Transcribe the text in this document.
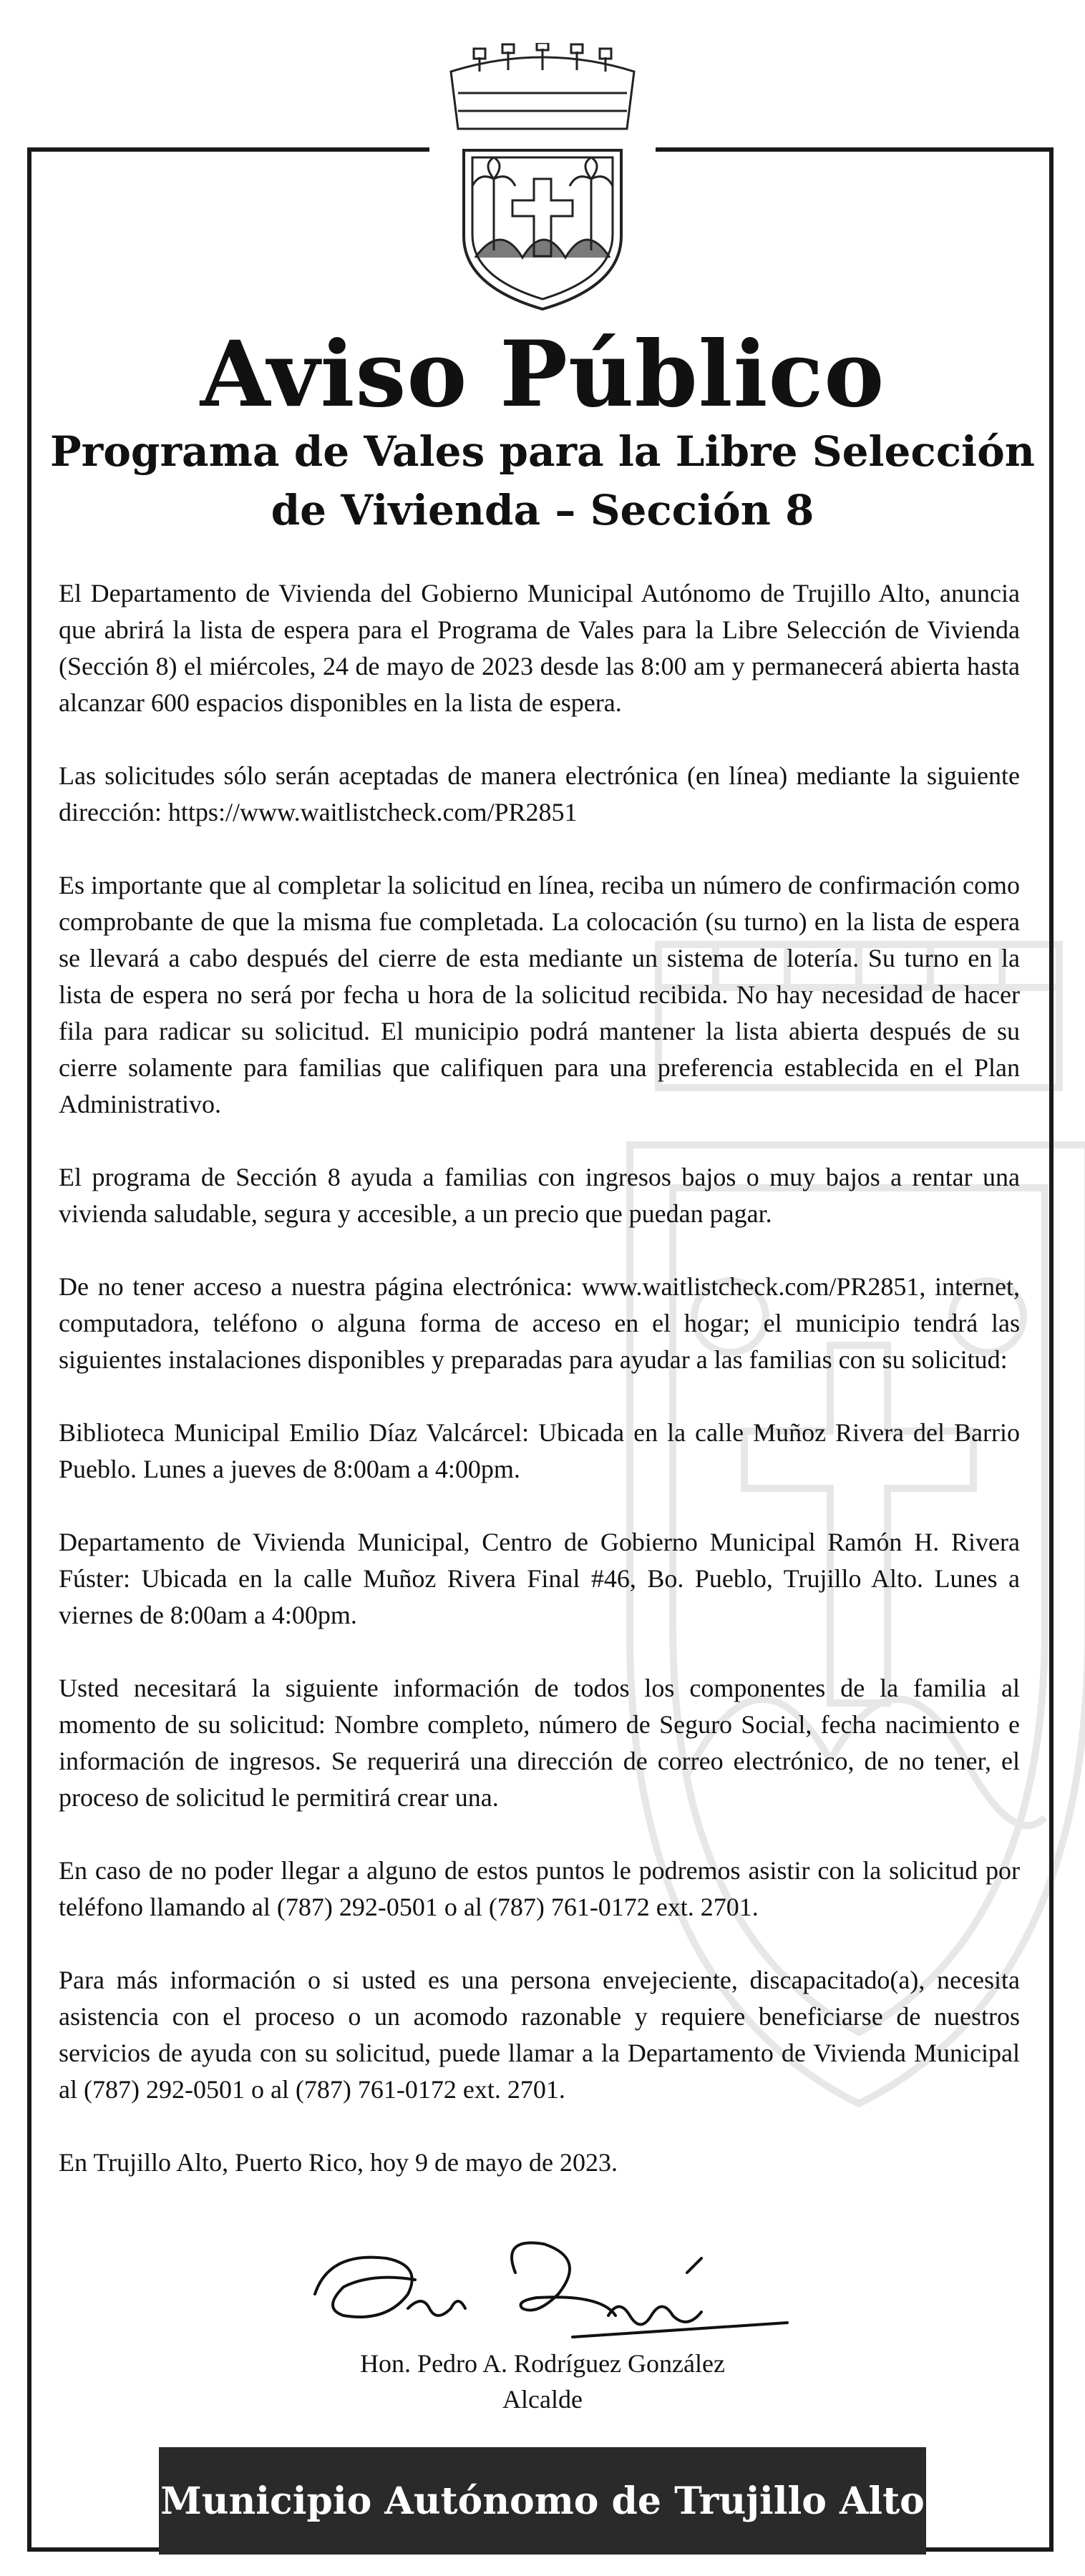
Aviso Público
Programa de Vales para la Libre Selección de Vivienda – Sección 8

El Departamento de Vivienda del Gobierno Municipal Autónomo de Trujillo Alto, anuncia que abrirá la lista de espera para el Programa de Vales para la Libre Selección de Vivienda (Sección 8) el miércoles, 24 de mayo de 2023 desde las 8:00 am y permanecerá abierta hasta alcanzar 600 espacios disponibles en la lista de espera.

Las solicitudes sólo serán aceptadas de manera electrónica (en línea) mediante la siguiente dirección: https://www.waitlistcheck.com/PR2851

Es importante que al completar la solicitud en línea, reciba un número de confirmación como comprobante de que la misma fue completada. La colocación (su turno) en la lista de espera se llevará a cabo después del cierre de esta mediante un sistema de lotería. Su turno en la lista de espera no será por fecha u hora de la solicitud recibida. No hay necesidad de hacer fila para radicar su solicitud. El municipio podrá mantener la lista abierta después de su cierre solamente para familias que califiquen para una preferencia establecida en el Plan Administrativo.

El programa de Sección 8 ayuda a familias con ingresos bajos o muy bajos a rentar una vivienda saludable, segura y accesible, a un precio que puedan pagar.

De no tener acceso a nuestra página electrónica: www.waitlistcheck.com/PR2851, internet, computadora, teléfono o alguna forma de acceso en el hogar; el municipio tendrá las siguientes instalaciones disponibles y preparadas para ayudar a las familias con su solicitud:

Biblioteca Municipal Emilio Díaz Valcárcel: Ubicada en la calle Muñoz Rivera del Barrio Pueblo. Lunes a jueves de 8:00am a 4:00pm.

Departamento de Vivienda Municipal, Centro de Gobierno Municipal Ramón H. Rivera Fúster: Ubicada en la calle Muñoz Rivera Final #46, Bo. Pueblo, Trujillo Alto. Lunes a viernes de 8:00am a 4:00pm.

Usted necesitará la siguiente información de todos los componentes de la familia al momento de su solicitud: Nombre completo, número de Seguro Social, fecha nacimiento e información de ingresos. Se requerirá una dirección de correo electrónico, de no tener, el proceso de solicitud le permitirá crear una.

En caso de no poder llegar a alguno de estos puntos le podremos asistir con la solicitud por teléfono llamando al (787) 292-0501 o al (787) 761-0172 ext. 2701.

Para más información o si usted es una persona envejeciente, discapacitado(a), necesita asistencia con el proceso o un acomodo razonable y requiere beneficiarse de nuestros servicios de ayuda con su solicitud, puede llamar a la Departamento de Vivienda Municipal al (787) 292-0501 o al (787) 761-0172 ext. 2701.

En Trujillo Alto, Puerto Rico, hoy 9 de mayo de 2023.

Hon. Pedro A. Rodríguez González
Alcalde
Municipio Autónomo de Trujillo Alto
